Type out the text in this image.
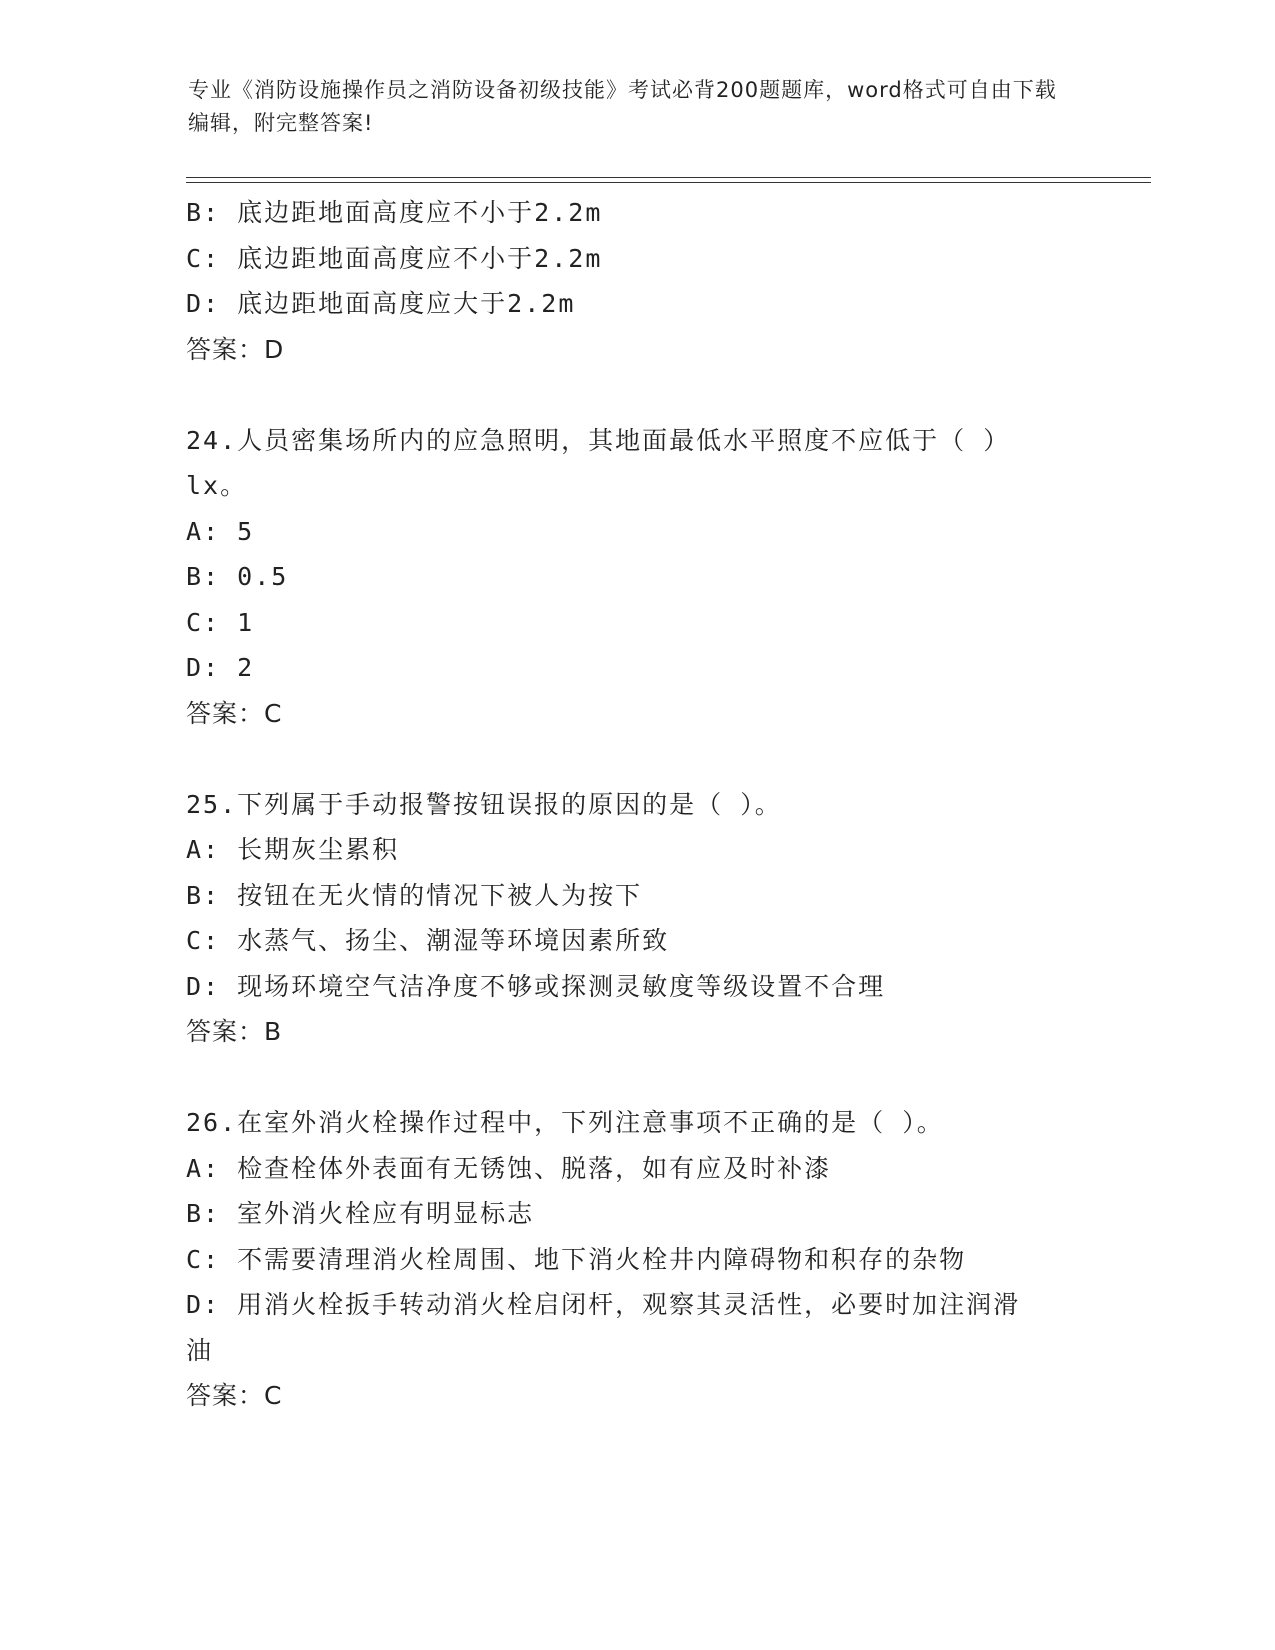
专业《消防设施操作员之消防设备初级技能》考试必背200题题库，word格式可自由下载编辑，附完整答案!
B: 底边距地面高度应不小于2.2m
C: 底边距地面高度应不小于2.2m
D: 底边距地面高度应大于2.2m
答案：D
24.人员密集场所内的应急照明，其地面最低水平照度不应低于（ ）
lx。
A: 5
B: 0.5
C: 1
D: 2
答案：C
25.下列属于手动报警按钮误报的原因的是（ ）。
A: 长期灰尘累积
B: 按钮在无火情的情况下被人为按下
C: 水蒸气、扬尘、潮湿等环境因素所致
D: 现场环境空气洁净度不够或探测灵敏度等级设置不合理
答案：B
26.在室外消火栓操作过程中，下列注意事项不正确的是（ ）。
A: 检查栓体外表面有无锈蚀、脱落，如有应及时补漆
B: 室外消火栓应有明显标志
C: 不需要清理消火栓周围、地下消火栓井内障碍物和积存的杂物
D: 用消火栓扳手转动消火栓启闭杆，观察其灵活性，必要时加注润滑
油
答案：C
